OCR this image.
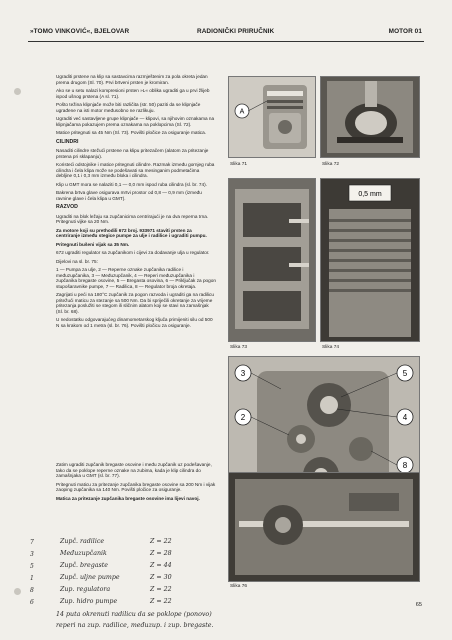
»TOMO VINKOVIĆ«, BJELOVAR	RADIONIČKI PRIRUČNIK	MOTOR 01

Ugraditi prstene na klip sa sastavcima razmještenim za pola okreta jedan prema drugom (Sl. 70). Prvi brtveni prsten je kromiran.

Ako se u setu nalazi kompresioni prsten »L« oblika ugraditi ga u prvi žlijeb ispod ušnog prstena (A sl. 71).

Pošto težina klipnjače može biti različita (str. 50) paziti da se klipnjače ugrađene na isti motor međusobno ne razlikuju.

Ugraditi već sastavljene grupe klipnjače — klipovi, sa njihovim oznakama na klipnjačama pokazujem prema oznakama na poklopcima (Sl. 72).

Matice pritegnuti sa 45 Nm (Sl. 73). Povišti pločice za osiguranje matica.

CILINDRI

Nasaditi cilindre stežući prstene na klipu pritezačem (alatom za pritezanje prstena pri sklapanju).

Koristeći odstojnike i matice pritegnuti cilindre. Razmak između gornjeg ruba cilindra i čela klipa može se podešavati sa mesinganim podmetačima debljine 0,1 i 0,3 mm između bloka i cilindra.

Klip u GMT mora se nalaziti 0,1 — 0,0 mm ispod ruba cilindra (sl. br. 74).

Bakrena brtva glave osigurava mrtvi prostor od 0,8 — 0,9 mm (između ravnine glave i čela klipa u GMT).

RAZVOD

Ugraditi na blok ležaju sa zupčanicima centrirajući je na dva reperna trna. Pritegnuti vijke sa 20 Nm.

Za motore koji su prethodili 672 broj. 933971 staviti prsten za centriranje između stegice pumpe za ulje i radilice i ugraditi pumpu.

Pritegnuti bušeni vijak sa 35 Nm.

672 ugraditi regulator sa zupčanikom i cijevi za dodavanje ulja u regulator.

Dijelovi na sl. br. 75:

1 — Pumpa za ulje, 2 — Reperne oznake zupčanika radilice i međuzupčanika, 3 — Međuzupčanik, 4 — Reperi međuzupčanika i zupčanika bregaste osovine, 5 — Bregasta osovina, 6 — Priključak za pogon stupošaravnike pumpe, 7 — Radilica, 8 — Regulator broja okretaja.

Zagrijati u peći na 180°C zupčanik za pogon razvoda i ugraditi ga na radilicu pritežući maticu za stezanje sa 500 Nm. Da bi spriječili okretanje za vrijeme pritezanja poslužiti se stegom ili sličnim alatom koji se stavi na zamašnjak (Sl. br. 68).

U nedostatku odgovarajućeg dinamometarskog ključa primijeniti silu od 500 N sa krakom od 1 metra (sl. br. 76). Povišti pločicu za osiguranje.

Zatim ugraditi zupčanik bregaste osovine i među zupčanik uz podešavanje, tako da se poklope reperne oznake na zubima, kada je klip cilindra do zamašnjaka u GMT (sl. br. 77).

Pritegnuti maticu za pritezanje zupčanika bregaste osovine sa 200 Nm i vijak zaoping zupčanika sa 140 Nm. Povišti pločice za osiguranje.

Matica za pritezanje zupčanika bregaste osovine ima lijevi navoj.

A
Slika 71	Slika 72
Slika 73
0,5 mm
Slika 74
3
2
5
4
8
Slika 76
7	Zupč. radilice	Z = 22
3	Međuzupčanik	Z = 28
5	Zupč. bregaste	Z = 44
1	Zupč. uljne pumpe	Z = 30
8	Zup. regulatora	Z = 22
6	Zup. hidro pumpe	Z = 22
14 puta okrenuti radilicu da se poklope (ponovo)
reperi na zup. radilice, međuzup. i zup. bregaste.
65
